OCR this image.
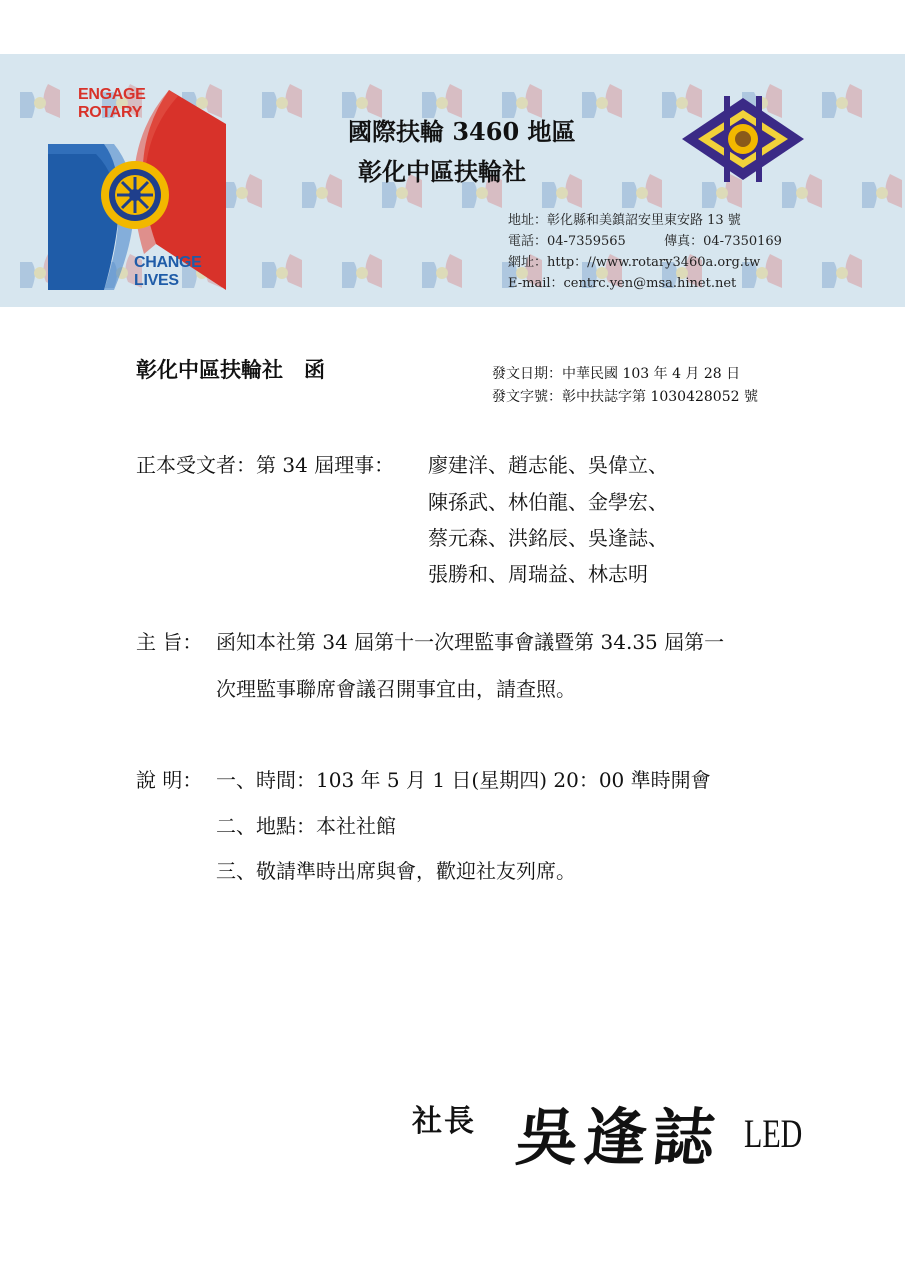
ENGAGE
ROTARY
CHANGE
LIVES
國際扶輪 3460 地區
彰化中區扶輪社
地址：彰化縣和美鎮詔安里東安路 13 號
電話：04-7359565	傳真：04-7350169
網址：http：//www.rotary3460a.org.tw
E-mail：centrc.yen@msa.hinet.net
彰化中區扶輪社　函	發文日期：中華民國 103 年 4 月 28 日
發文字號：彰中扶誌字第 1030428052 號
正本受文者：第 34 屆理事： 廖建洋、趙志能、吳偉立、
陳孫武、林伯龍、金學宏、
蔡元森、洪銘辰、吳逢誌、
張勝和、周瑞益、林志明
主 旨： 函知本社第 34 屆第十一次理監事會議暨第 34.35 屆第一
次理監事聯席會議召開事宜由，請查照。
說 明： 一、時間：103 年 5 月 1 日(星期四) 20：00 準時開會
二、地點：本社社館
三、敬請準時出席與會，歡迎社友列席。
社長 吳逢誌 LED
